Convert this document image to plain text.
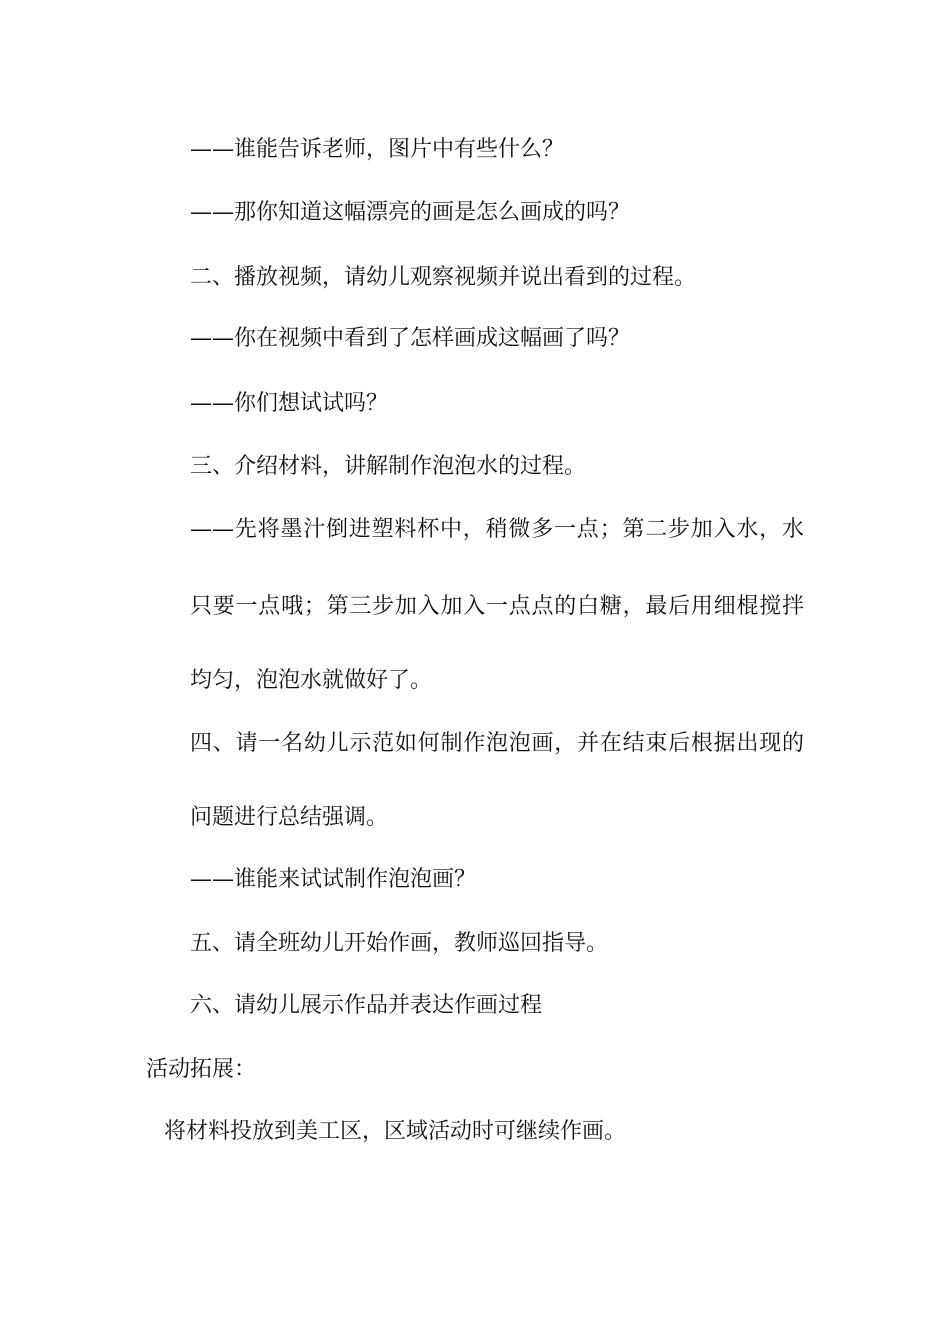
——谁能告诉老师，图片中有些什么？
——那你知道这幅漂亮的画是怎么画成的吗？
二、播放视频，请幼儿观察视频并说出看到的过程。
——你在视频中看到了怎样画成这幅画了吗？
——你们想试试吗？
三、介绍材料，讲解制作泡泡水的过程。
——先将墨汁倒进塑料杯中，稍微多一点；第二步加入水，水
只要一点哦；第三步加入加入一点点的白糖，最后用细棍搅拌
均匀，泡泡水就做好了。
四、请一名幼儿示范如何制作泡泡画，并在结束后根据出现的
问题进行总结强调。
——谁能来试试制作泡泡画？
五、请全班幼儿开始作画，教师巡回指导。
六、请幼儿展示作品并表达作画过程
活动拓展：
将材料投放到美工区，区域活动时可继续作画。
